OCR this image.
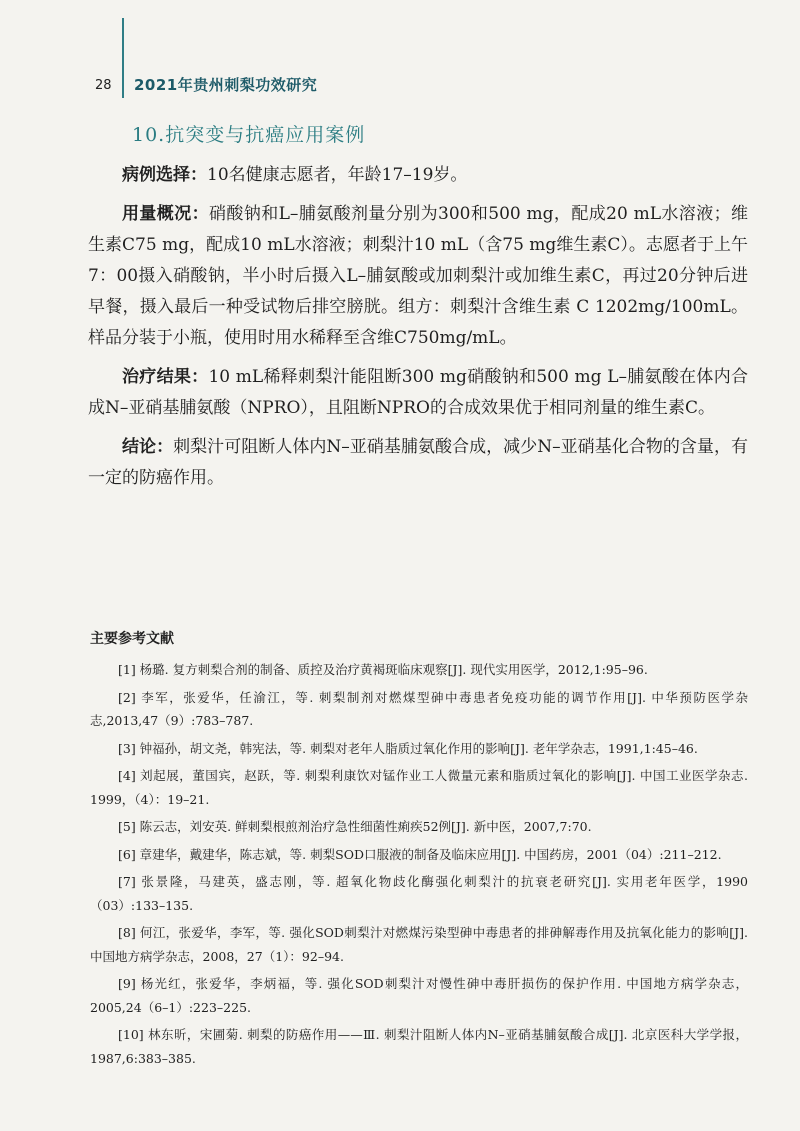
28 2021年贵州刺梨功效研究
10.抗突变与抗癌应用案例

病例选择：10名健康志愿者，年龄17–19岁。

用量概况：硝酸钠和L–脯氨酸剂量分别为300和500 mg，配成20 mL水溶液；维生素C75 mg，配成10 mL水溶液；刺梨汁10 mL（含75 mg维生素C）。志愿者于上午7：00摄入硝酸钠，半小时后摄入L–脯氨酸或加刺梨汁或加维生素C，再过20分钟后进早餐，摄入最后一种受试物后排空膀胱。组方：刺梨汁含维生素 C 1202mg/100mL。样品分装于小瓶，使用时用水稀释至含维C750mg/mL。

治疗结果：10 mL稀释刺梨汁能阻断300 mg硝酸钠和500 mg L–脯氨酸在体内合成N–亚硝基脯氨酸（NPRO），且阻断NPRO的合成效果优于相同剂量的维生素C。

结论：刺梨汁可阻断人体内N–亚硝基脯氨酸合成，减少N–亚硝基化合物的含量，有一定的防癌作用。

主要参考文献

[1] 杨璐. 复方刺梨合剂的制备、质控及治疗黄褐斑临床观察[J]. 现代实用医学，2012,1:95–96.

[2] 李军，张爱华，任渝江，等. 刺梨制剂对燃煤型砷中毒患者免疫功能的调节作用[J]. 中华预防医学杂志,2013,47（9）:783–787.

[3] 钟福孙，胡文尧，韩宪法，等. 刺梨对老年人脂质过氧化作用的影响[J]. 老年学杂志，1991,1:45–46.

[4] 刘起展，董国宾，赵跃，等. 刺梨利康饮对锰作业工人微量元素和脂质过氧化的影响[J]. 中国工业医学杂志. 1999，（4）：19–21.

[5] 陈云志，刘安英. 鲜刺梨根煎剂治疗急性细菌性痢疾52例[J]. 新中医，2007,7:70.

[6] 章建华，戴建华，陈志斌，等. 刺梨SOD口服液的制备及临床应用[J]. 中国药房，2001（04）:211–212.

[7] 张景隆，马建英，盛志刚，等. 超氧化物歧化酶强化刺梨汁的抗衰老研究[J]. 实用老年医学，1990（03）:133–135.

[8] 何江，张爱华，李军，等. 强化SOD刺梨汁对燃煤污染型砷中毒患者的排砷解毒作用及抗氧化能力的影响[J]. 中国地方病学杂志，2008，27（1）：92–94.

[9] 杨光红，张爱华，李炳福，等. 强化SOD刺梨汁对慢性砷中毒肝损伤的保护作用. 中国地方病学杂志，2005,24（6–1）:223–225.

[10] 林东昕，宋圃菊. 刺梨的防癌作用——Ⅲ. 刺梨汁阻断人体内N–亚硝基脯氨酸合成[J]. 北京医科大学学报，1987,6:383–385.
